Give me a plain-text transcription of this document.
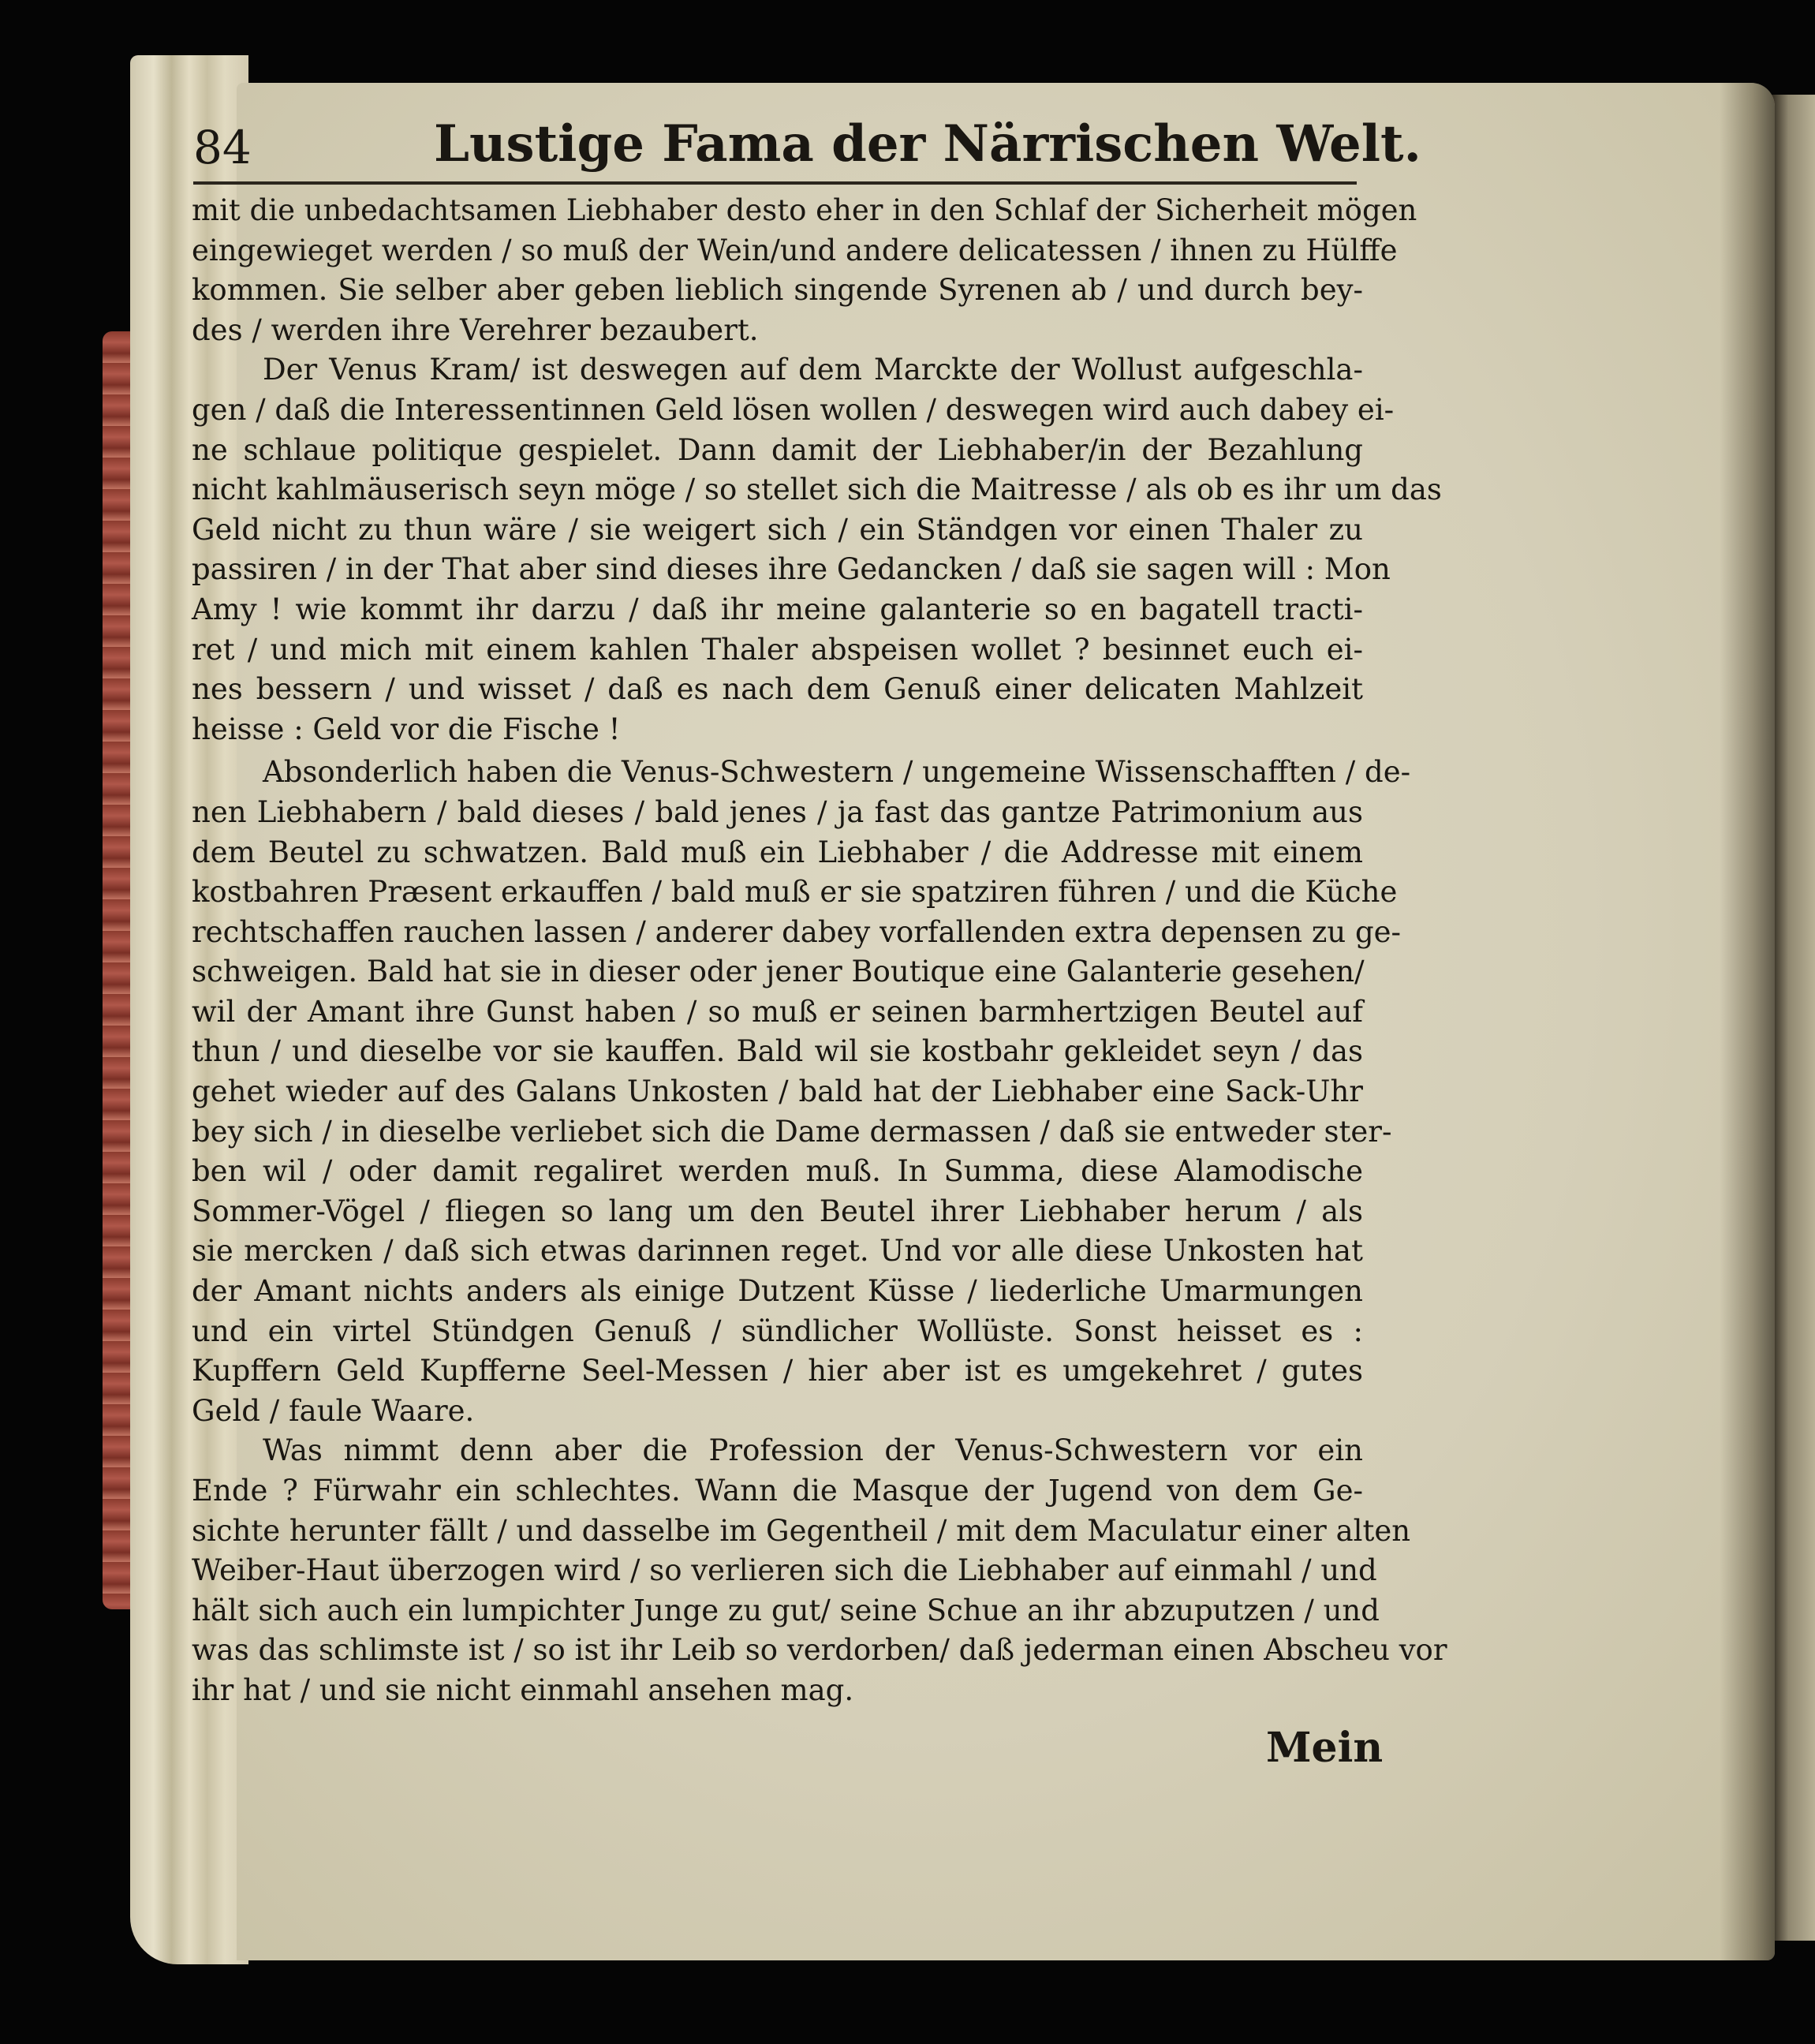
84	Lustige Fama der Närrischen Welt.
mit die unbedachtsamen Liebhaber desto eher in den Schlaf der Sicherheit mögen
eingewieget werden / so muß der Wein/und andere delicatessen / ihnen zu Hülffe
kommen. Sie selber aber geben lieblich singende Syrenen ab / und durch bey-
des / werden ihre Verehrer bezaubert.
Der Venus Kram/ ist deswegen auf dem Marckte der Wollust aufgeschla-
gen / daß die Interessentinnen Geld lösen wollen / deswegen wird auch dabey ei-
ne schlaue politique gespielet. Dann damit der Liebhaber/in der Bezahlung
nicht kahlmäuserisch seyn möge / so stellet sich die Maitresse / als ob es ihr um das
Geld nicht zu thun wäre / sie weigert sich / ein Ständgen vor einen Thaler zu
passiren / in der That aber sind dieses ihre Gedancken / daß sie sagen will : Mon
Amy ! wie kommt ihr darzu / daß ihr meine galanterie so en bagatell tracti-
ret / und mich mit einem kahlen Thaler abspeisen wollet ? besinnet euch ei-
nes bessern / und wisset / daß es nach dem Genuß einer delicaten Mahlzeit
heisse : Geld vor die Fische !
Absonderlich haben die Venus-Schwestern / ungemeine Wissenschafften / de-
nen Liebhabern / bald dieses / bald jenes / ja fast das gantze Patrimonium aus
dem Beutel zu schwatzen. Bald muß ein Liebhaber / die Addresse mit einem
kostbahren Præsent erkauffen / bald muß er sie spatziren führen / und die Küche
rechtschaffen rauchen lassen / anderer dabey vorfallenden extra depensen zu ge-
schweigen. Bald hat sie in dieser oder jener Boutique eine Galanterie gesehen/
wil der Amant ihre Gunst haben / so muß er seinen barmhertzigen Beutel auf
thun / und dieselbe vor sie kauffen. Bald wil sie kostbahr gekleidet seyn / das
gehet wieder auf des Galans Unkosten / bald hat der Liebhaber eine Sack-Uhr
bey sich / in dieselbe verliebet sich die Dame dermassen / daß sie entweder ster-
ben wil / oder damit regaliret werden muß. In Summa, diese Alamodische
Sommer-Vögel / fliegen so lang um den Beutel ihrer Liebhaber herum / als
sie mercken / daß sich etwas darinnen reget. Und vor alle diese Unkosten hat
der Amant nichts anders als einige Dutzent Küsse / liederliche Umarmungen
und ein virtel Stündgen Genuß / sündlicher Wollüste. Sonst heisset es :
Kupffern Geld Kupfferne Seel-Messen / hier aber ist es umgekehret / gutes
Geld / faule Waare.
Was nimmt denn aber die Profession der Venus-Schwestern vor ein
Ende ? Fürwahr ein schlechtes. Wann die Masque der Jugend von dem Ge-
sichte herunter fällt / und dasselbe im Gegentheil / mit dem Maculatur einer alten
Weiber-Haut überzogen wird / so verlieren sich die Liebhaber auf einmahl / und
hält sich auch ein lumpichter Junge zu gut/ seine Schue an ihr abzuputzen / und
was das schlimste ist / so ist ihr Leib so verdorben/ daß jederman einen Abscheu vor
ihr hat / und sie nicht einmahl ansehen mag.
Mein
